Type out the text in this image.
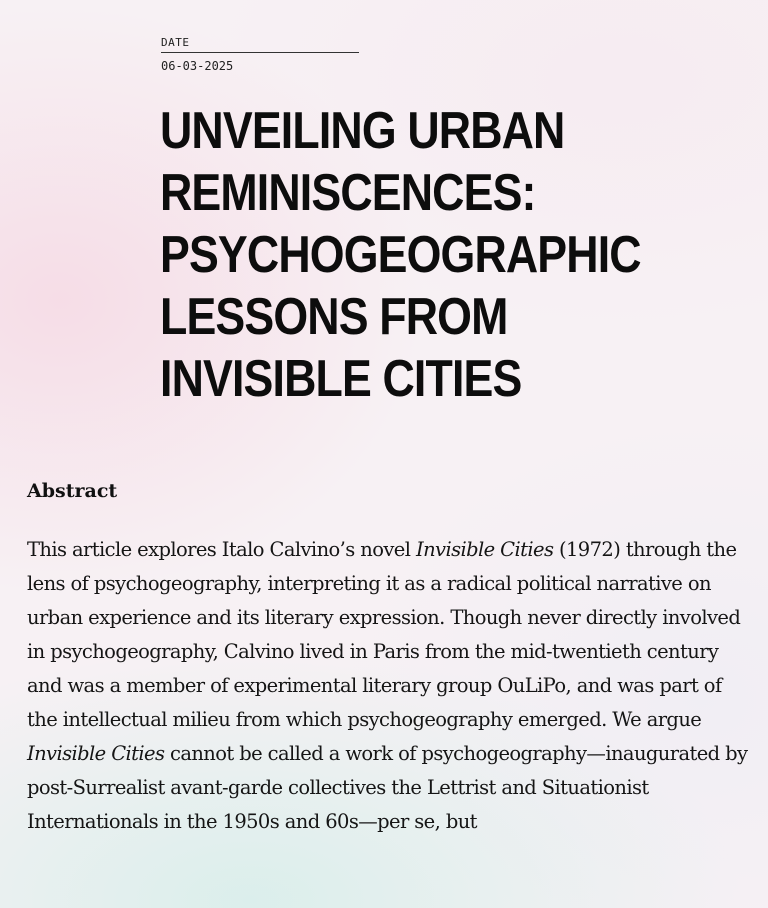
DATE
06-03-2025
UNVEILING URBAN REMINISCENCES: PSYCHOGEOGRAPHIC LESSONS FROM INVISIBLE CITIES
Abstract

This article explores Italo Calvino’s novel Invisible Cities (1972) through the lens of psychogeography, interpreting it as a radical political narrative on urban experience and its literary expression. Though never directly involved in psychogeography, Calvino lived in Paris from the mid-twentieth century and was a member of experimental literary group OuLiPo, and was part of the intellectual milieu from which psychogeography emerged. We argue Invisible Cities cannot be called a work of psychogeography—inaugurated by post-Surrealist avant-garde collectives the Lettrist and Situationist Internationals in the 1950s and 60s—per se, but
